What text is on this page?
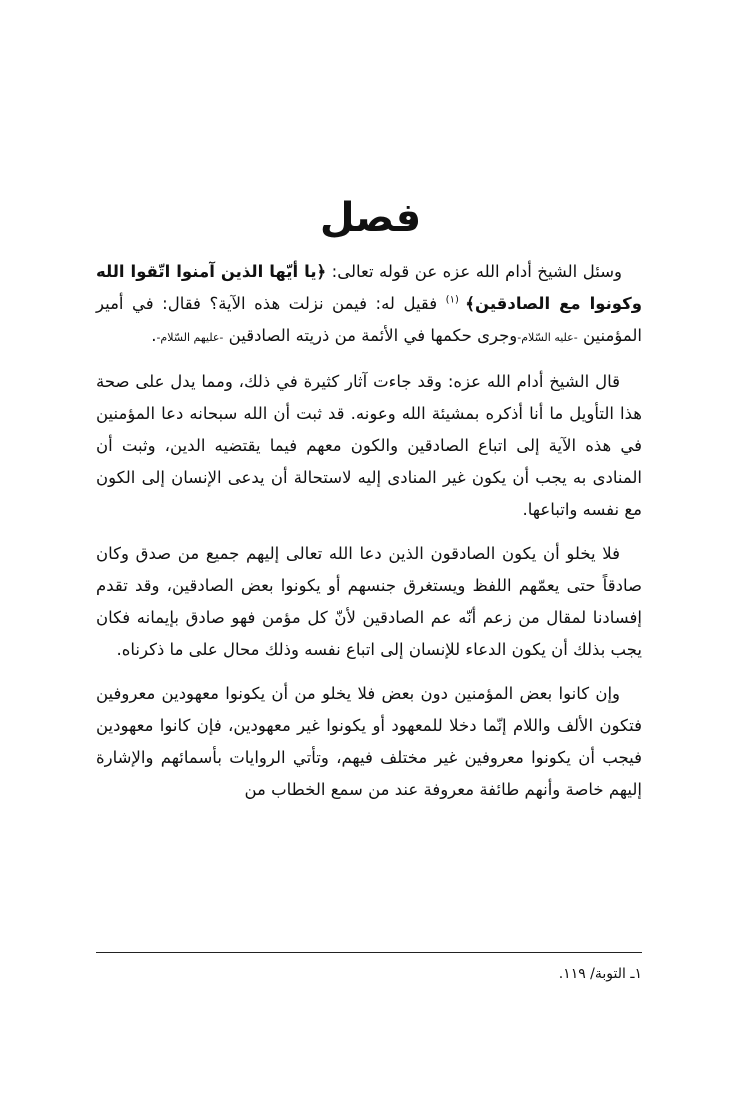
فصل

وسئل الشيخ أدام الله عزه عن قوله تعالى: ﴿يا أيّها الذين آمنوا اتّقوا الله وكونوا مع الصادقين﴾ $^{(١)}$ فقيل له: فيمن نزلت هذه الآية؟ فقال: في أمير المؤمنين -عليه السّلام-وجرى حكمها في الأئمة من ذريته الصادقين -عليهم السّلام-.

قال الشيخ أدام الله عزه: وقد جاءت آثار كثيرة في ذلك، ومما يدل على صحة هذا التأويل ما أنا أذكره بمشيئة الله وعونه. قد ثبت أن الله سبحانه دعا المؤمنين في هذه الآية إلى اتباع الصادقين والكون معهم فيما يقتضيه الدين، وثبت أن المنادى به يجب أن يكون غير المنادى إليه لاستحالة أن يدعى الإنسان إلى الكون مع نفسه واتباعها.

فلا يخلو أن يكون الصادقون الذين دعا الله تعالى إليهم جميع من صدق وكان صادقاً حتى يعمّهم اللفظ ويستغرق جنسهم أو يكونوا بعض الصادقين، وقد تقدم إفسادنا لمقال من زعم أنّه عم الصادقين لأنّ كل مؤمن فهو صادق بإيمانه فكان يجب بذلك أن يكون الدعاء للإنسان إلى اتباع نفسه وذلك محال على ما ذكرناه.

وإن كانوا بعض المؤمنين دون بعض فلا يخلو من أن يكونوا معهودين معروفين فتكون الألف واللام إنّما دخلا للمعهود أو يكونوا غير معهودين، فإن كانوا معهودين فيجب أن يكونوا معروفين غير مختلف فيهم، وتأتي الروايات بأسمائهم والإشارة إليهم خاصة وأنهم طائفة معروفة عند من سمع الخطاب من

١ـ التوبة/ ١١٩.
